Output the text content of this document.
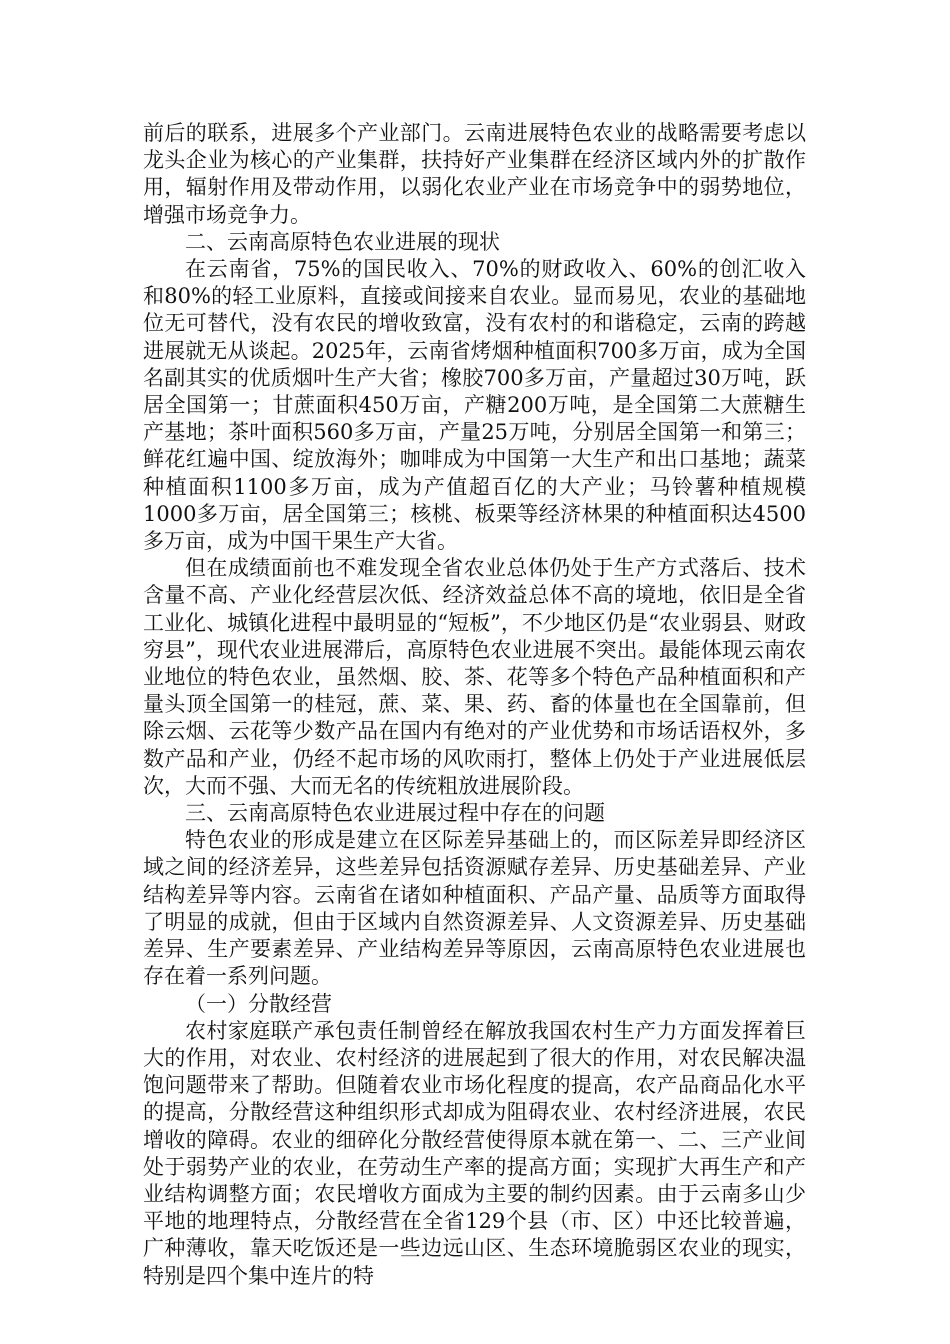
前后的联系，进展多个产业部门。云南进展特色农业的战略需要考虑以龙头企业为核心的产业集群，扶持好产业集群在经济区域内外的扩散作用，辐射作用及带动作用，以弱化农业产业在市场竞争中的弱势地位，增强市场竞争力。

二、云南高原特色农业进展的现状

在云南省，75%的国民收入、70%的财政收入、60%的创汇收入和80%的轻工业原料，直接或间接来自农业。显而易见，农业的基础地位无可替代，没有农民的增收致富，没有农村的和谐稳定，云南的跨越进展就无从谈起。2025年，云南省烤烟种植面积700多万亩，成为全国名副其实的优质烟叶生产大省；橡胶700多万亩，产量超过30万吨，跃居全国第一；甘蔗面积450万亩，产糖200万吨，是全国第二大蔗糖生产基地；茶叶面积560多万亩，产量25万吨，分别居全国第一和第三；鲜花红遍中国、绽放海外；咖啡成为中国第一大生产和出口基地；蔬菜种植面积1100多万亩，成为产值超百亿的大产业；马铃薯种植规模1000多万亩，居全国第三；核桃、板栗等经济林果的种植面积达4500多万亩，成为中国干果生产大省。

但在成绩面前也不难发现全省农业总体仍处于生产方式落后、技术含量不高、产业化经营层次低、经济效益总体不高的境地，依旧是全省工业化、城镇化进程中最明显的“短板”，不少地区仍是“农业弱县、财政穷县”，现代农业进展滞后，高原特色农业进展不突出。最能体现云南农业地位的特色农业，虽然烟、胶、茶、花等多个特色产品种植面积和产量头顶全国第一的桂冠，蔗、菜、果、药、畜的体量也在全国靠前，但除云烟、云花等少数产品在国内有绝对的产业优势和市场话语权外，多数产品和产业，仍经不起市场的风吹雨打，整体上仍处于产业进展低层次，大而不强、大而无名的传统粗放进展阶段。

三、云南高原特色农业进展过程中存在的问题

特色农业的形成是建立在区际差异基础上的，而区际差异即经济区域之间的经济差异，这些差异包括资源赋存差异、历史基础差异、产业结构差异等内容。云南省在诸如种植面积、产品产量、品质等方面取得了明显的成就，但由于区域内自然资源差异、人文资源差异、历史基础差异、生产要素差异、产业结构差异等原因，云南高原特色农业进展也存在着一系列问题。

（一）分散经营

农村家庭联产承包责任制曾经在解放我国农村生产力方面发挥着巨大的作用，对农业、农村经济的进展起到了很大的作用，对农民解决温饱问题带来了帮助。但随着农业市场化程度的提高，农产品商品化水平的提高，分散经营这种组织形式却成为阻碍农业、农村经济进展，农民增收的障碍。农业的细碎化分散经营使得原本就在第一、二、三产业间处于弱势产业的农业，在劳动生产率的提高方面；实现扩大再生产和产业结构调整方面；农民增收方面成为主要的制约因素。由于云南多山少平地的地理特点，分散经营在全省129个县（市、区）中还比较普遍，广种薄收，靠天吃饭还是一些边远山区、生态环境脆弱区农业的现实，特别是四个集中连片的特
